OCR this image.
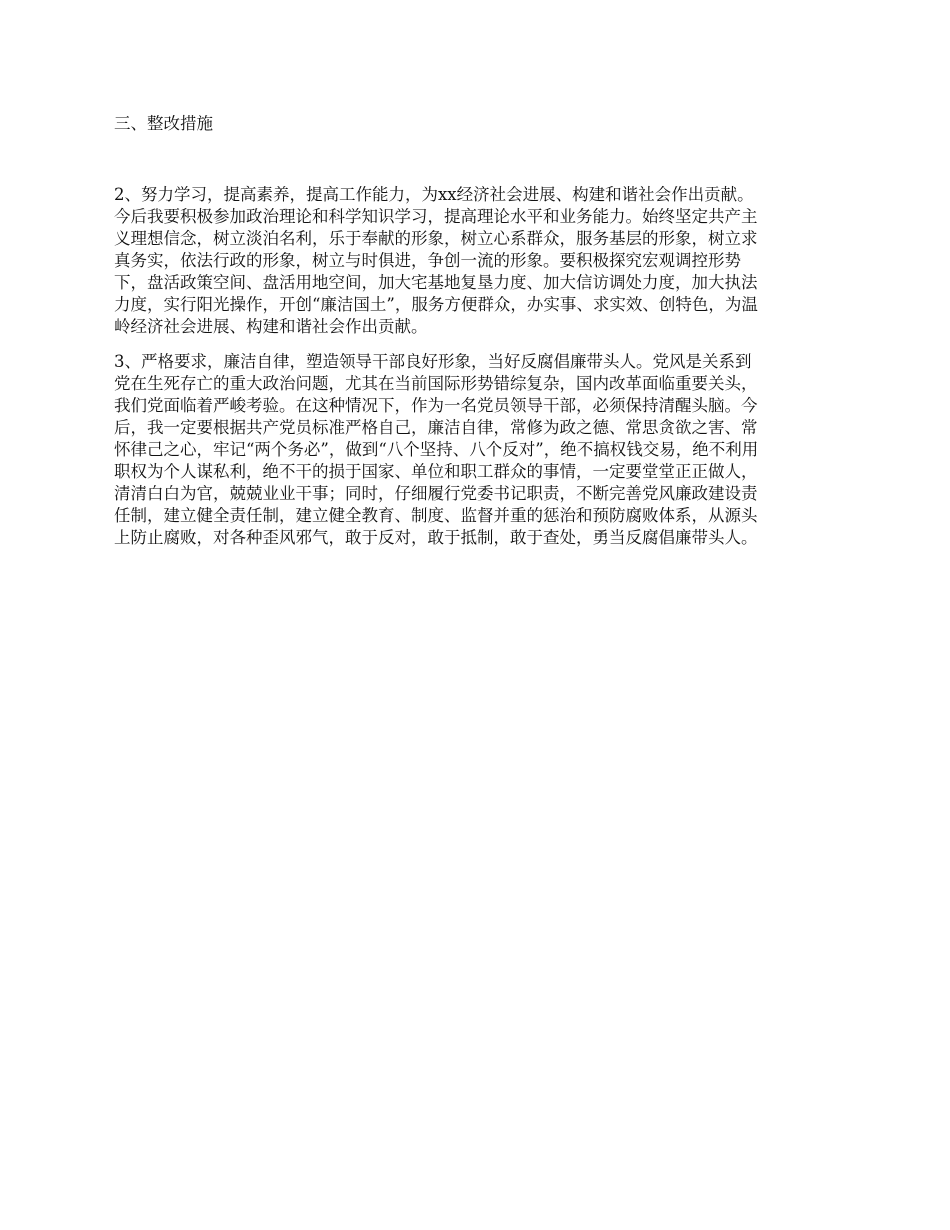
三、整改措施

2、努力学习，提高素养，提高工作能力，为xx经济社会进展、构建和谐社会作出贡献。
今后我要积极参加政治理论和科学知识学习，提高理论水平和业务能力。始终坚定共产主
义理想信念，树立淡泊名利，乐于奉献的形象，树立心系群众，服务基层的形象，树立求
真务实，依法行政的形象，树立与时俱进，争创一流的形象。要积极探究宏观调控形势
下，盘活政策空间、盘活用地空间，加大宅基地复垦力度、加大信访调处力度，加大执法
力度，实行阳光操作，开创“廉洁国土”，服务方便群众，办实事、求实效、创特色，为温
岭经济社会进展、构建和谐社会作出贡献。

3、严格要求，廉洁自律，塑造领导干部良好形象，当好反腐倡廉带头人。党风是关系到
党在生死存亡的重大政治问题，尤其在当前国际形势错综复杂，国内改革面临重要关头，
我们党面临着严峻考验。在这种情况下，作为一名党员领导干部，必须保持清醒头脑。今
后，我一定要根据共产党员标准严格自己，廉洁自律，常修为政之德、常思贪欲之害、常
怀律己之心，牢记“两个务必”，做到“八个坚持、八个反对”，绝不搞权钱交易，绝不利用
职权为个人谋私利，绝不干的损于国家、单位和职工群众的事情，一定要堂堂正正做人，
清清白白为官，兢兢业业干事；同时，仔细履行党委书记职责，不断完善党风廉政建设责
任制，建立健全责任制，建立健全教育、制度、监督并重的惩治和预防腐败体系，从源头
上防止腐败，对各种歪风邪气，敢于反对，敢于抵制，敢于查处，勇当反腐倡廉带头人。
